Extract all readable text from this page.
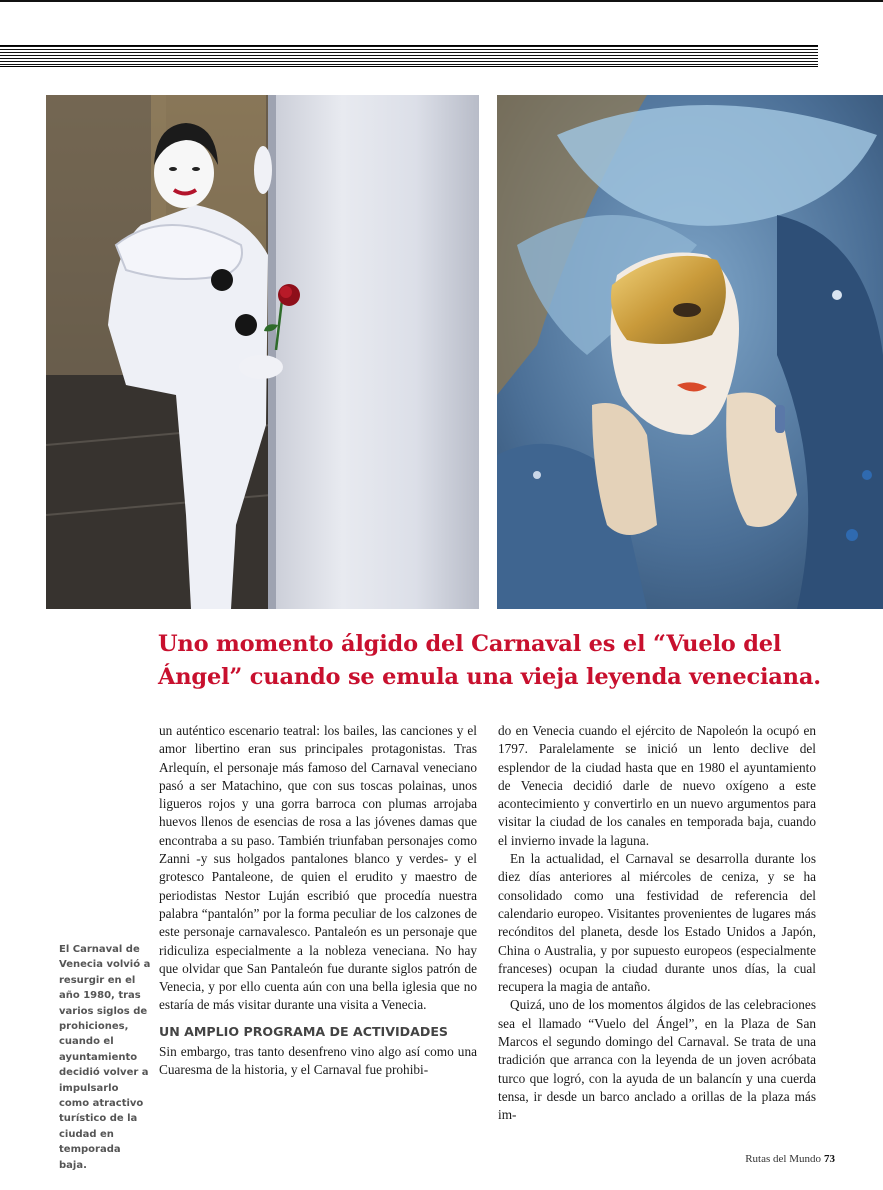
Uno momento álgido del Carnaval es el “Vuelo del Ángel” cuando se emula una vieja leyenda veneciana.

El Carnaval de Venecia volvió a resurgir en el año 1980, tras varios siglos de prohiciones, cuando el ayuntamiento decidió volver a impulsarlo como atractivo turístico de la ciudad en temporada baja.

un auténtico escenario teatral: los bailes, las canciones y el amor libertino eran sus principales protagonistas. Tras Arlequín, el personaje más famoso del Carnaval veneciano pasó a ser Matachino, que con sus toscas polainas, unos ligueros rojos y una gorra barroca con plumas arrojaba huevos llenos de esencias de rosa a las jóvenes damas que encontraba a su paso. También triunfaban personajes como Zanni -y sus holgados pantalones blanco y verdes- y el grotesco Pantaleone, de quien el erudito y maestro de periodistas Nestor Luján escribió que procedía nuestra palabra “pantalón” por la forma peculiar de los calzones de este personaje carnavalesco. Pantaleón es un personaje que ridiculiza especialmente a la nobleza veneciana. No hay que olvidar que San Pantaleón fue durante siglos patrón de Venecia, y por ello cuenta aún con una bella iglesia que no estaría de más visitar durante una visita a Venecia.

UN AMPLIO PROGRAMA DE ACTIVIDADES

Sin embargo, tras tanto desenfreno vino algo así como una Cuaresma de la historia, y el Carnaval fue prohibi-

do en Venecia cuando el ejército de Napoleón la ocupó en 1797. Paralelamente se inició un lento declive del esplendor de la ciudad hasta que en 1980 el ayuntamiento de Venecia decidió darle de nuevo oxígeno a este acontecimiento y convertirlo en un nuevo argumentos para visitar la ciudad de los canales en temporada baja, cuando el invierno invade la laguna.

En la actualidad, el Carnaval se desarrolla durante los diez días anteriores al miércoles de ceniza, y se ha consolidado como una festividad de referencia del calendario europeo. Visitantes provenientes de lugares más recónditos del planeta, desde los Estado Unidos a Japón, China o Australia, y por supuesto europeos (especialmente franceses) ocupan la ciudad durante unos días, la cual recupera la magia de antaño.

Quizá, uno de los momentos álgidos de las celebraciones sea el llamado “Vuelo del Ángel”, en la Plaza de San Marcos el segundo domingo del Carnaval. Se trata de una tradición que arranca con la leyenda de un joven acróbata turco que logró, con la ayuda de un balancín y una cuerda tensa, ir desde un barco anclado a orillas de la plaza más im-

Rutas del Mundo 73
